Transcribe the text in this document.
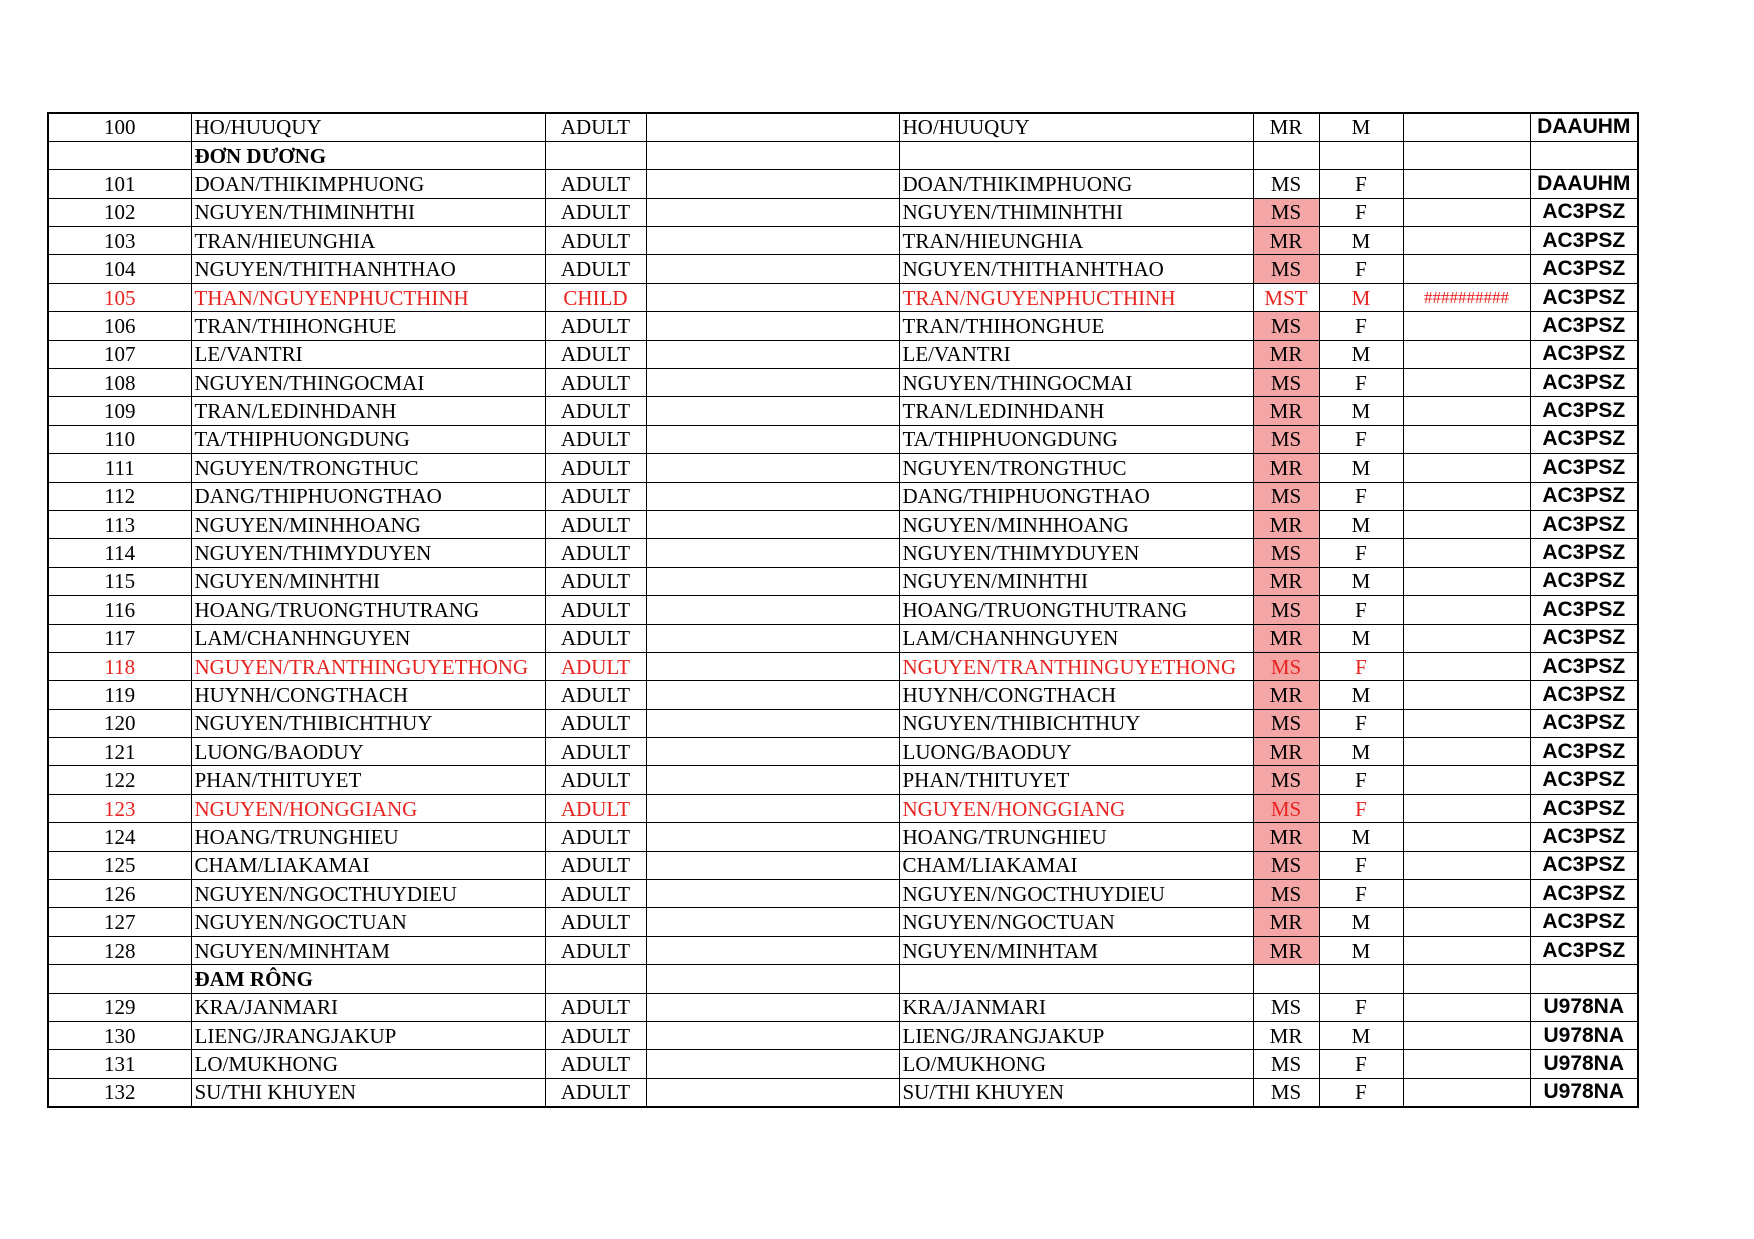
100	HO/HUUQUY	ADULT		HO/HUUQUY	MR	M		DAAUHM
	ĐƠN DƯƠNG							
101	DOAN/THIKIMPHUONG	ADULT		DOAN/THIKIMPHUONG	MS	F		DAAUHM
102	NGUYEN/THIMINHTHI	ADULT		NGUYEN/THIMINHTHI	MS	F		AC3PSZ
103	TRAN/HIEUNGHIA	ADULT		TRAN/HIEUNGHIA	MR	M		AC3PSZ
104	NGUYEN/THITHANHTHAO	ADULT		NGUYEN/THITHANHTHAO	MS	F		AC3PSZ
105	THAN/NGUYENPHUCTHINH	CHILD		TRAN/NGUYENPHUCTHINH	MST	M	##########	AC3PSZ
106	TRAN/THIHONGHUE	ADULT		TRAN/THIHONGHUE	MS	F		AC3PSZ
107	LE/VANTRI	ADULT		LE/VANTRI	MR	M		AC3PSZ
108	NGUYEN/THINGOCMAI	ADULT		NGUYEN/THINGOCMAI	MS	F		AC3PSZ
109	TRAN/LEDINHDANH	ADULT		TRAN/LEDINHDANH	MR	M		AC3PSZ
110	TA/THIPHUONGDUNG	ADULT		TA/THIPHUONGDUNG	MS	F		AC3PSZ
111	NGUYEN/TRONGTHUC	ADULT		NGUYEN/TRONGTHUC	MR	M		AC3PSZ
112	DANG/THIPHUONGTHAO	ADULT		DANG/THIPHUONGTHAO	MS	F		AC3PSZ
113	NGUYEN/MINHHOANG	ADULT		NGUYEN/MINHHOANG	MR	M		AC3PSZ
114	NGUYEN/THIMYDUYEN	ADULT		NGUYEN/THIMYDUYEN	MS	F		AC3PSZ
115	NGUYEN/MINHTHI	ADULT		NGUYEN/MINHTHI	MR	M		AC3PSZ
116	HOANG/TRUONGTHUTRANG	ADULT		HOANG/TRUONGTHUTRANG	MS	F		AC3PSZ
117	LAM/CHANHNGUYEN	ADULT		LAM/CHANHNGUYEN	MR	M		AC3PSZ
118	NGUYEN/TRANTHINGUYETHONG	ADULT		NGUYEN/TRANTHINGUYETHONG	MS	F		AC3PSZ
119	HUYNH/CONGTHACH	ADULT		HUYNH/CONGTHACH	MR	M		AC3PSZ
120	NGUYEN/THIBICHTHUY	ADULT		NGUYEN/THIBICHTHUY	MS	F		AC3PSZ
121	LUONG/BAODUY	ADULT		LUONG/BAODUY	MR	M		AC3PSZ
122	PHAN/THITUYET	ADULT		PHAN/THITUYET	MS	F		AC3PSZ
123	NGUYEN/HONGGIANG	ADULT		NGUYEN/HONGGIANG	MS	F		AC3PSZ
124	HOANG/TRUNGHIEU	ADULT		HOANG/TRUNGHIEU	MR	M		AC3PSZ
125	CHAM/LIAKAMAI	ADULT		CHAM/LIAKAMAI	MS	F		AC3PSZ
126	NGUYEN/NGOCTHUYDIEU	ADULT		NGUYEN/NGOCTHUYDIEU	MS	F		AC3PSZ
127	NGUYEN/NGOCTUAN	ADULT		NGUYEN/NGOCTUAN	MR	M		AC3PSZ
128	NGUYEN/MINHTAM	ADULT		NGUYEN/MINHTAM	MR	M		AC3PSZ
	ĐAM RÔNG							
129	KRA/JANMARI	ADULT		KRA/JANMARI	MS	F		U978NA
130	LIENG/JRANGJAKUP	ADULT		LIENG/JRANGJAKUP	MR	M		U978NA
131	LO/MUKHONG	ADULT		LO/MUKHONG	MS	F		U978NA
132	SU/THI KHUYEN	ADULT		SU/THI KHUYEN	MS	F		U978NA
